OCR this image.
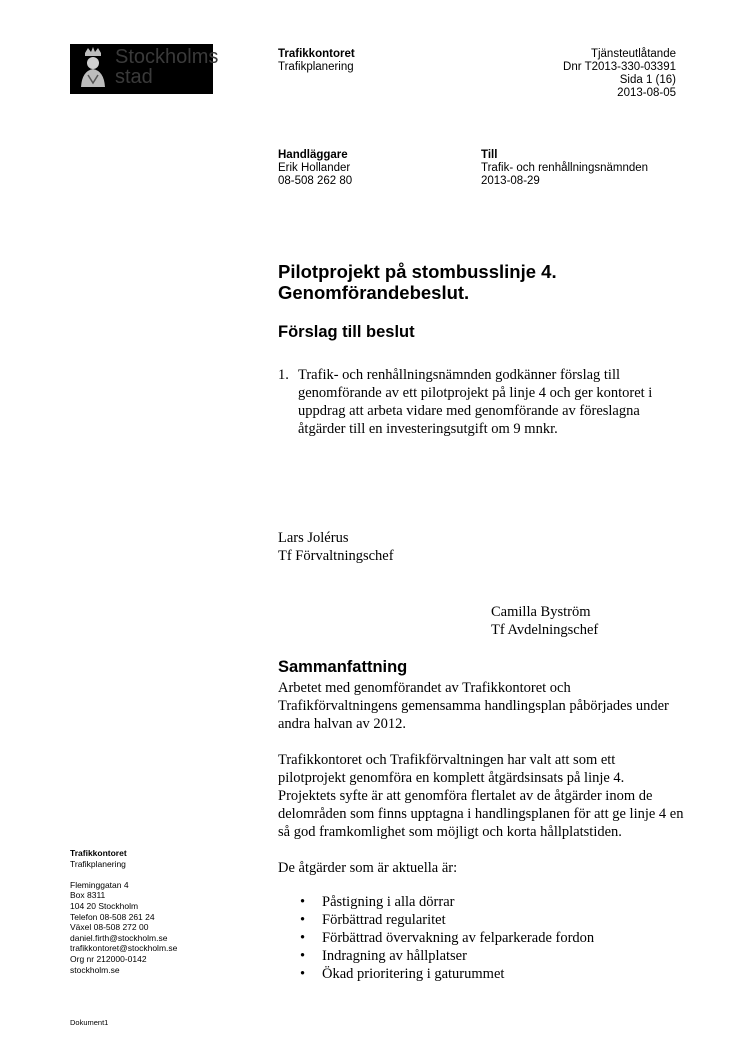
Stockholms
stad
Trafikkontoret
Trafikplanering
Tjänsteutlåtande
Dnr T2013-330-03391
Sida 1 (16)
2013-08-05
Handläggare
Erik Hollander
08-508 262 80
Till
Trafik- och renhållningsnämnden
2013-08-29
Pilotprojekt på stombusslinje 4.
Genomförandebeslut.
Förslag till beslut
1. Trafik- och renhållningsnämnden godkänner förslag till genomförande av ett pilotprojekt på linje 4 och ger kontoret i uppdrag att arbeta vidare med genomförande av föreslagna åtgärder till en investeringsutgift om 9 mnkr.
Lars Jolérus
Tf Förvaltningschef
Camilla Byström
Tf Avdelningschef
Sammanfattning

Arbetet med genomförandet av Trafikkontoret och Trafikförvaltningens gemensamma handlingsplan påbörjades under andra halvan av 2012.

Trafikkontoret och Trafikförvaltningen har valt att som ett pilotprojekt genomföra en komplett åtgärdsinsats på linje 4. Projektets syfte är att genomföra flertalet av de åtgärder inom de delområden som finns upptagna i handlingsplanen för att ge linje 4 en så god framkomlighet som möjligt och korta hållplatstiden.

De åtgärder som är aktuella är:

• Påstigning i alla dörrar
• Förbättrad regularitet
• Förbättrad övervakning av felparkerade fordon
• Indragning av hållplatser
• Ökad prioritering i gaturummet
Trafikkontoret
Trafikplanering
Fleminggatan 4
Box 8311
104 20 Stockholm
Telefon 08-508 261 24
Växel 08-508 272 00
daniel.firth@stockholm.se
trafikkontoret@stockholm.se
Org nr 212000-0142
stockholm.se
Dokument1
